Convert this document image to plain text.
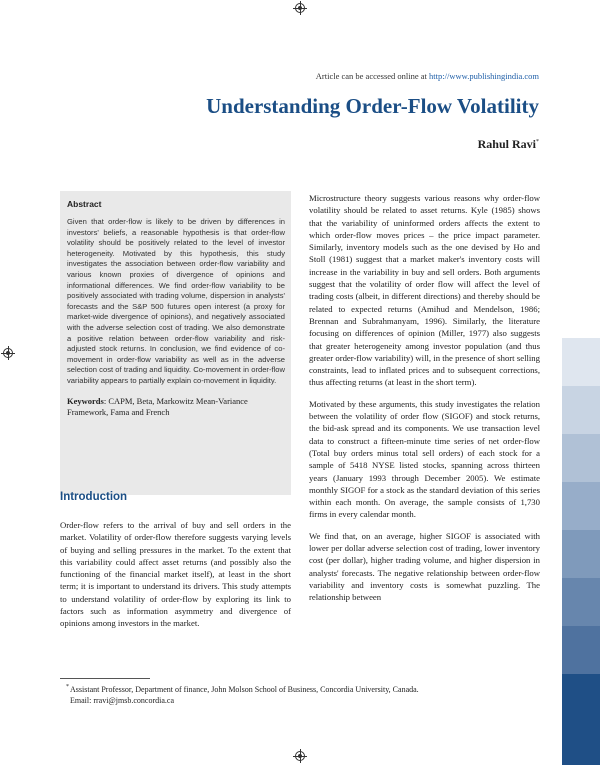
Article can be accessed online at http://www.publishingindia.com
Understanding Order-Flow Volatility
Rahul Ravi*

Abstract

Given that order-flow is likely to be driven by differences in investors' beliefs, a reasonable hypothesis is that order-flow volatility should be positively related to the level of investor heterogeneity. Motivated by this hypothesis, this study investigates the association between order-flow variability and various known proxies of divergence of opinions and informational differences. We find order-flow variability to be positively associated with trading volume, dispersion in analysts' forecasts and the S&P 500 futures open interest (a proxy for market-wide divergence of opinions), and negatively associated with the adverse selection cost of trading. We also demonstrate a positive relation between order-flow variability and risk-adjusted stock returns. In conclusion, we find evidence of co-movement in order-flow variability as well as in the adverse selection cost of trading and liquidity. Co-movement in order-flow variability appears to partially explain co-movement in liquidity.

Keywords: CAPM, Beta, Markowitz Mean-Variance Framework, Fama and French

Introduction

Order-flow refers to the arrival of buy and sell orders in the market. Volatility of order-flow therefore suggests varying levels of buying and selling pressures in the market. To the extent that this variability could affect asset returns (and possibly also the functioning of the financial market itself), at least in the short term; it is important to understand its drivers. This study attempts to understand volatility of order-flow by exploring its link to factors such as information asymmetry and divergence of opinions among investors in the market.

Microstructure theory suggests various reasons why order-flow volatility should be related to asset returns. Kyle (1985) shows that the variability of uninformed orders affects the extent to which order-flow moves prices – the price impact parameter. Similarly, inventory models such as the one devised by Ho and Stoll (1981) suggest that a market maker's inventory costs will increase in the variability in buy and sell orders. Both arguments suggest that the volatility of order flow will affect the level of trading costs (albeit, in different directions) and thereby should be related to expected returns (Amihud and Mendelson, 1986; Brennan and Subrahmanyam, 1996). Similarly, the literature focusing on differences of opinion (Miller, 1977) also suggests that greater heterogeneity among investor population (and thus greater order-flow variability) will, in the presence of short selling constraints, lead to inflated prices and to subsequent corrections, thus affecting returns (at least in the short term).

Motivated by these arguments, this study investigates the relation between the volatility of order flow (SIGOF) and stock returns, the bid-ask spread and its components. We use transaction level data to construct a fifteen-minute time series of net order-flow (Total buy orders minus total sell orders) of each stock for a sample of 5418 NYSE listed stocks, spanning across thirteen years (January 1993 through December 2005). We estimate monthly SIGOF for a stock as the standard deviation of this series within each month. On average, the sample consists of 1,730 firms in every calendar month.

We find that, on an average, higher SIGOF is associated with lower per dollar adverse selection cost of trading, lower inventory cost (per dollar), higher trading volume, and higher dispersion in analysts' forecasts. The negative relationship between order-flow variability and inventory costs is somewhat puzzling. The relationship between

* Assistant Professor, Department of finance, John Molson School of Business, Concordia University, Canada.
Email: rravi@jmsb.concordia.ca
